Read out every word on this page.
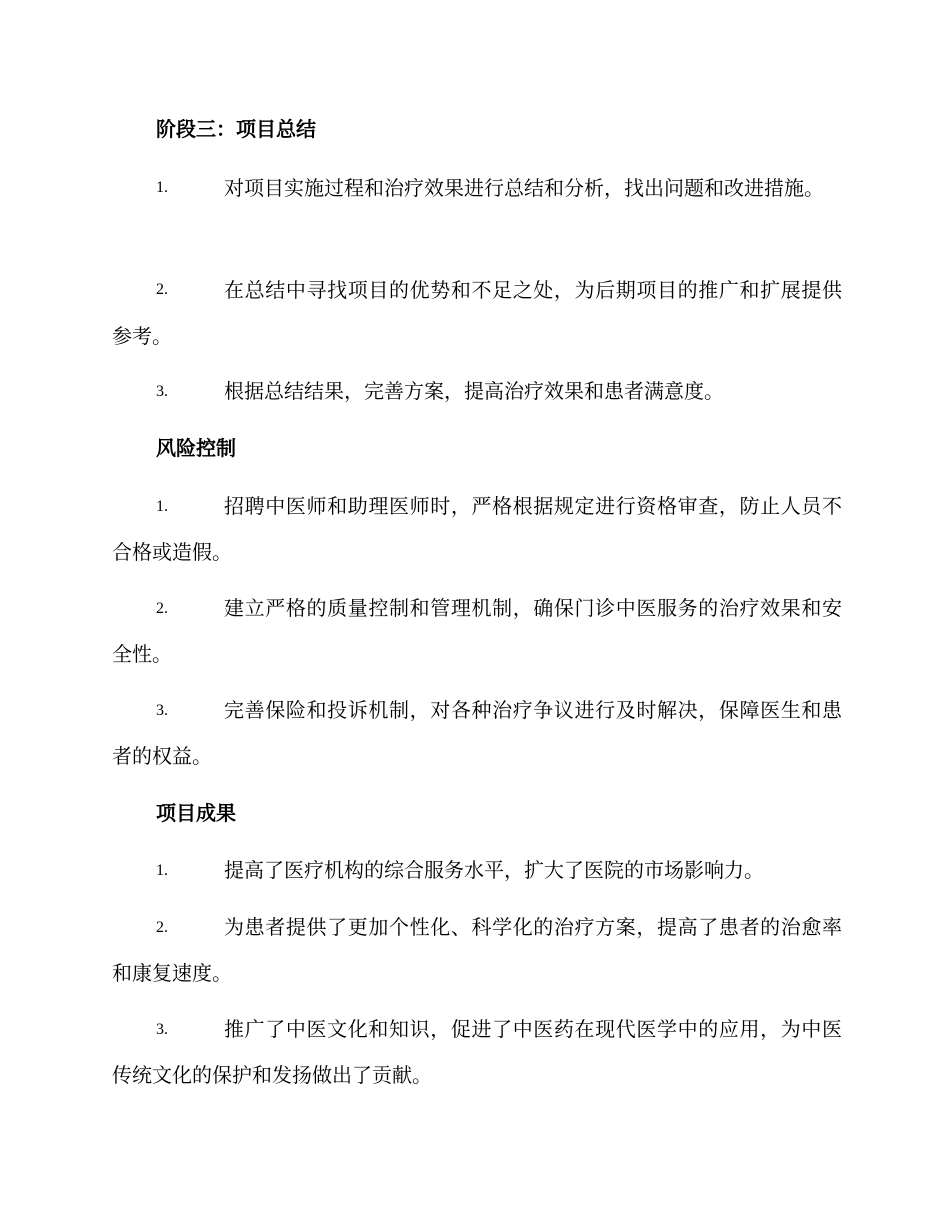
阶段三：项目总结
1.	对项目实施过程和治疗效果进行总结和分析，找出问题和改进措施。

2.	在总结中寻找项目的优势和不足之处，为后期项目的推广和扩展提供参考。

3.	根据总结结果，完善方案，提高治疗效果和患者满意度。

风险控制
1.	招聘中医师和助理医师时，严格根据规定进行资格审查，防止人员不合格或造假。

2.	建立严格的质量控制和管理机制，确保门诊中医服务的治疗效果和安全性。

3.	完善保险和投诉机制，对各种治疗争议进行及时解决，保障医生和患者的权益。

项目成果
1.	提高了医疗机构的综合服务水平，扩大了医院的市场影响力。

2.	为患者提供了更加个性化、科学化的治疗方案，提高了患者的治愈率和康复速度。

3.	推广了中医文化和知识，促进了中医药在现代医学中的应用，为中医传统文化的保护和发扬做出了贡献。
